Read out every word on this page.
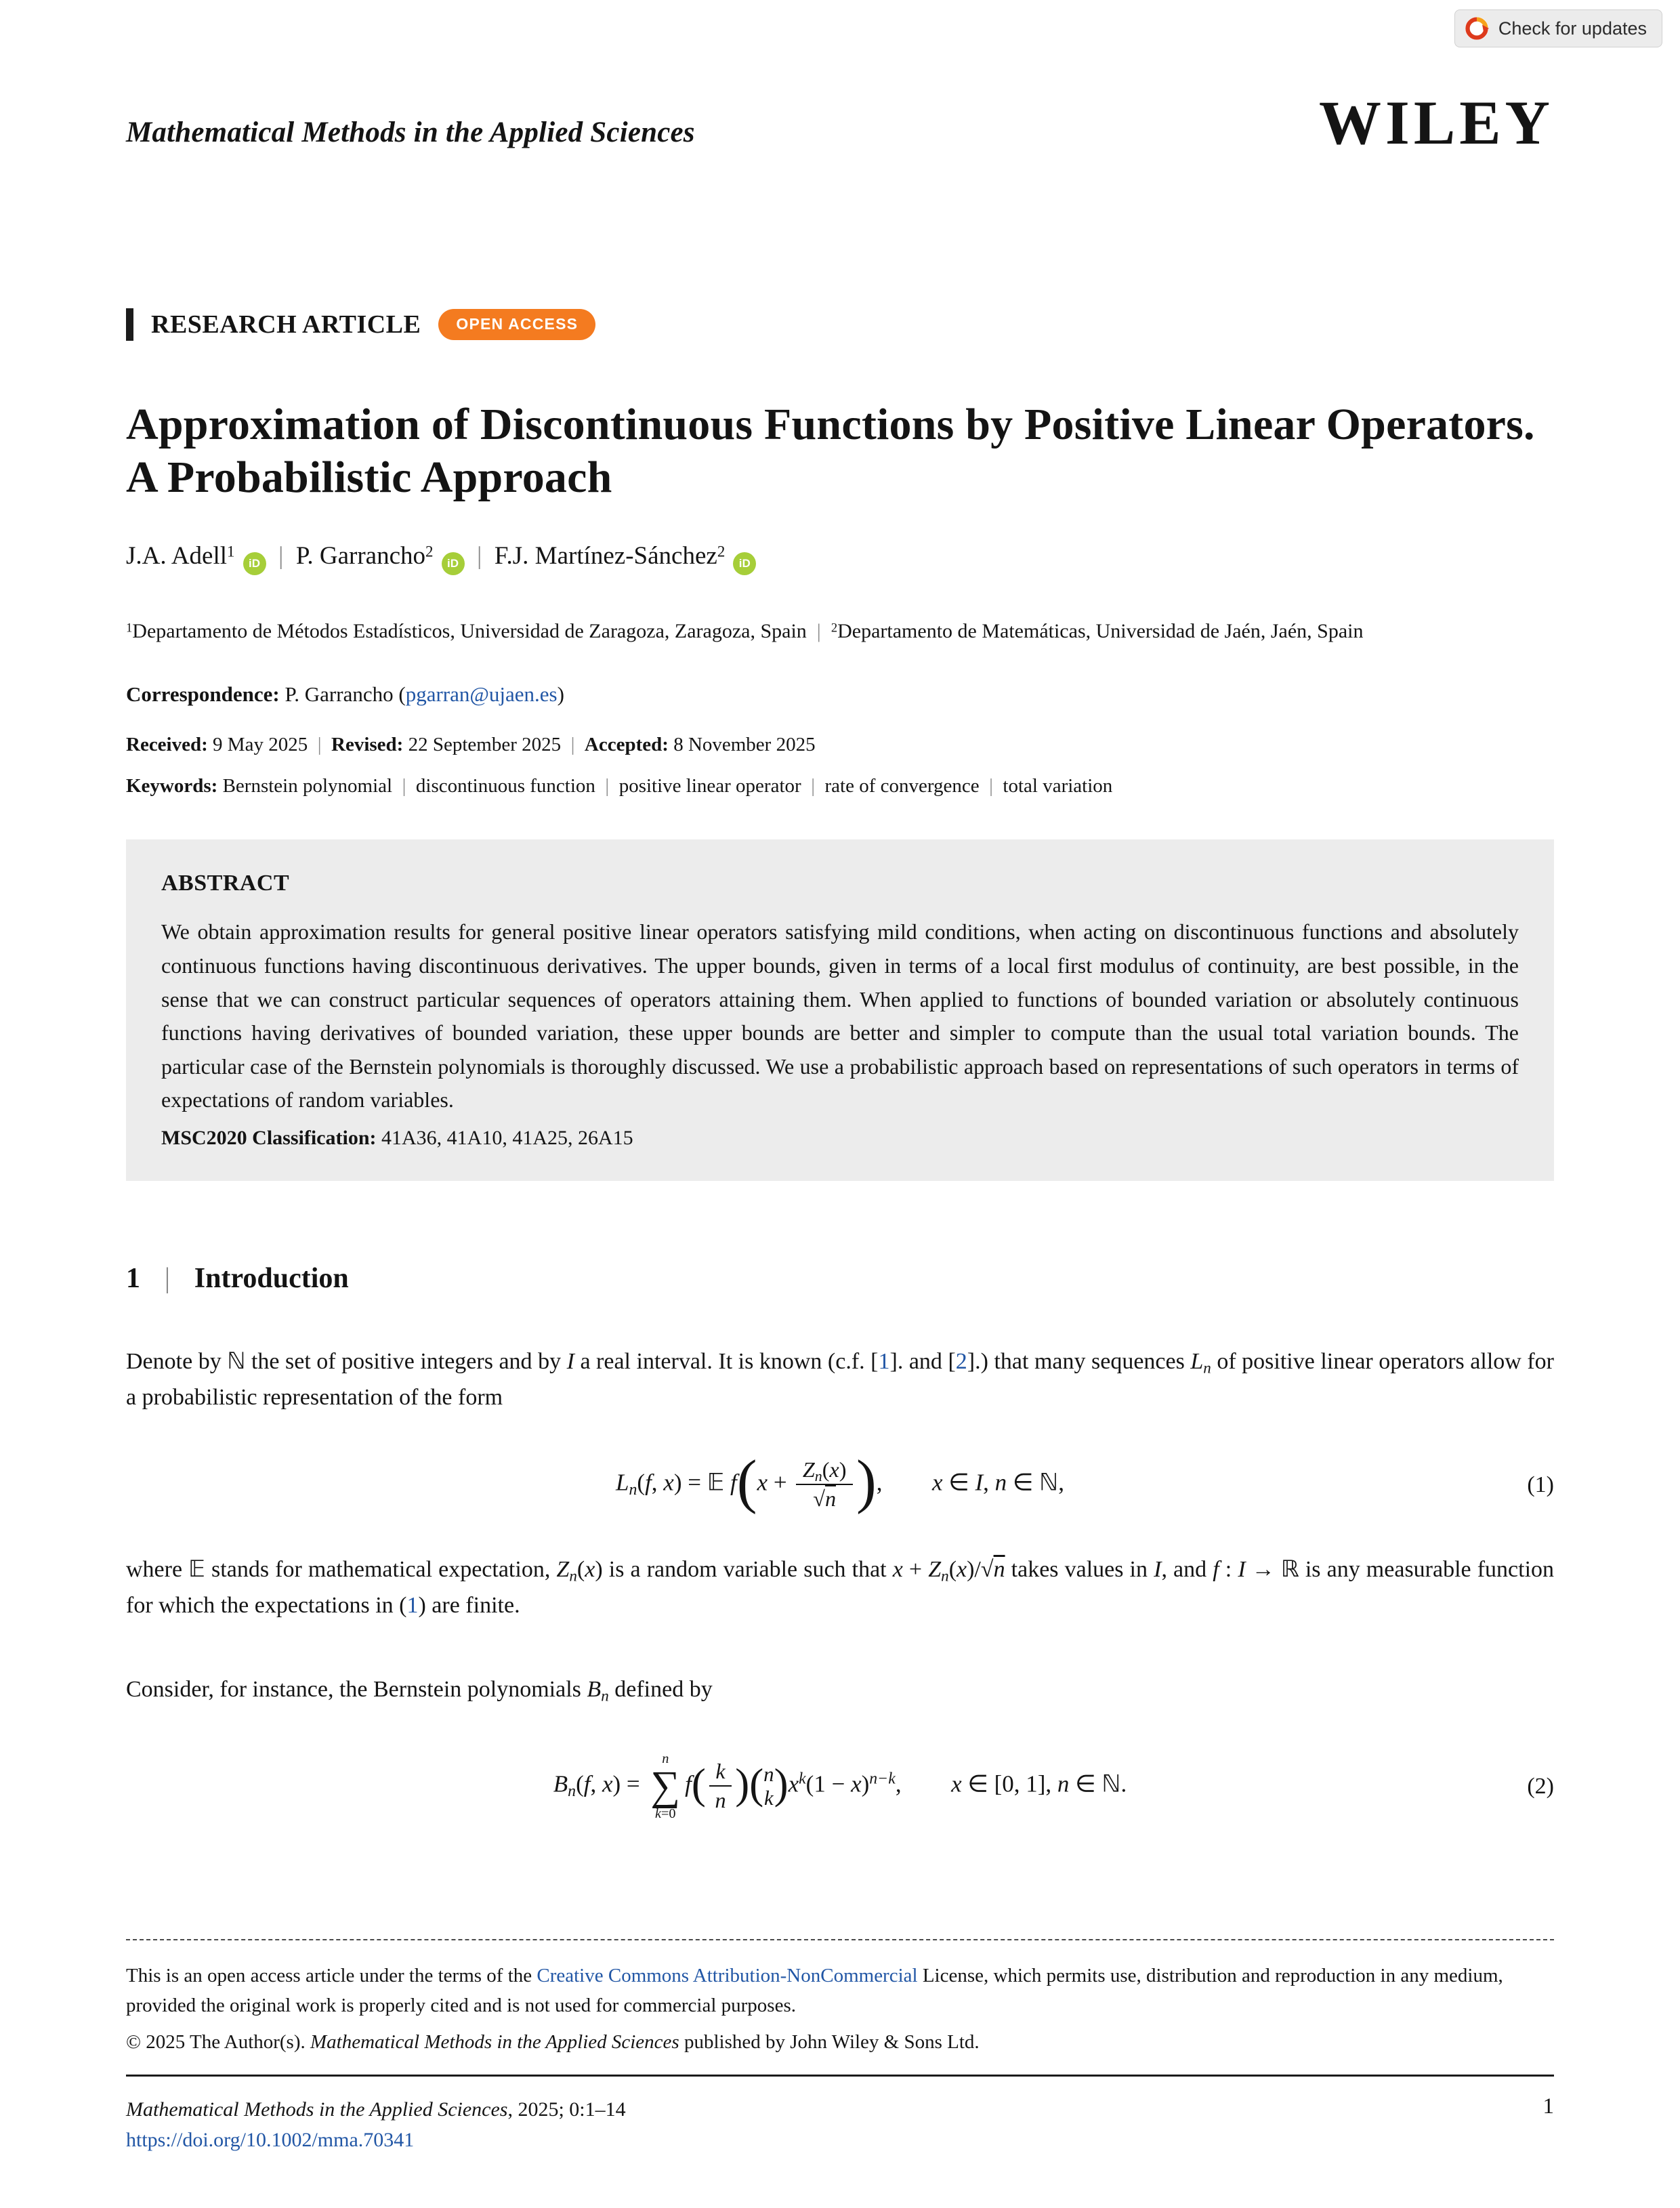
Check for updates
Mathematical Methods in the Applied Sciences	WILEY
RESEARCH ARTICLE	OPEN ACCESS
Approximation of Discontinuous Functions by Positive Linear Operators. A Probabilistic Approach
J.A. Adell$^1$iD | P. Garrancho$^2$iD | F.J. Martínez-Sánchez$^2$iD
$^1$Departamento de Métodos Estadísticos, Universidad de Zaragoza, Zaragoza, Spain | $^2$Departamento de Matemáticas, Universidad de Jaén, Jaén, Spain
Correspondence: P. Garrancho (pgarran@ujaen.es)
Received: 9 May 2025 | Revised: 22 September 2025 | Accepted: 8 November 2025
Keywords: Bernstein polynomial | discontinuous function | positive linear operator | rate of convergence | total variation
ABSTRACT

We obtain approximation results for general positive linear operators satisfying mild conditions, when acting on discontinuous functions and absolutely continuous functions having discontinuous derivatives. The upper bounds, given in terms of a local first modulus of continuity, are best possible, in the sense that we can construct particular sequences of operators attaining them. When applied to functions of bounded variation or absolutely continuous functions having derivatives of bounded variation, these upper bounds are better and simpler to compute than the usual total variation bounds. The particular case of the Bernstein polynomials is thoroughly discussed. We use a probabilistic approach based on representations of such operators in terms of expectations of random variables.

MSC2020 Classification: 41A36, 41A10, 41A25, 26A15
1 | Introduction

Denote by ℕ the set of positive integers and by I a real interval. It is known (c.f. [1]. and [2].) that many sequences Ln of positive linear operators allow for a probabilistic representation of the form

Ln(f, x) = 𝔼 $f(x + \frac{Zn(x)}{√n}$ ), x ∈ I, n ∈ ℕ,	(1)

where 𝔼 stands for mathematical expectation, Zn(x) is a random variable such that x + Zn(x)/√n takes values in I, and f : I → ℝ is any measurable function for which the expectations in (1) are finite.

Consider, for instance, the Bernstein polynomials Bn defined by

Bn(f, x) =
n
∑
k=0
$f( \frac{k}{n}$ )( n
k )$x^k(1 - x)^{n-k}$, x ∈ [0, 1], n ∈ ℕ.	(2)

This is an open access article under the terms of the Creative Commons Attribution-NonCommercial License, which permits use, distribution and reproduction in any medium, provided the original work is properly cited and is not used for commercial purposes.

© 2025 The Author(s). Mathematical Methods in the Applied Sciences published by John Wiley & Sons Ltd.

Mathematical Methods in the Applied Sciences, 2025; 0:1–14
https://doi.org/10.1002/mma.70341
1
